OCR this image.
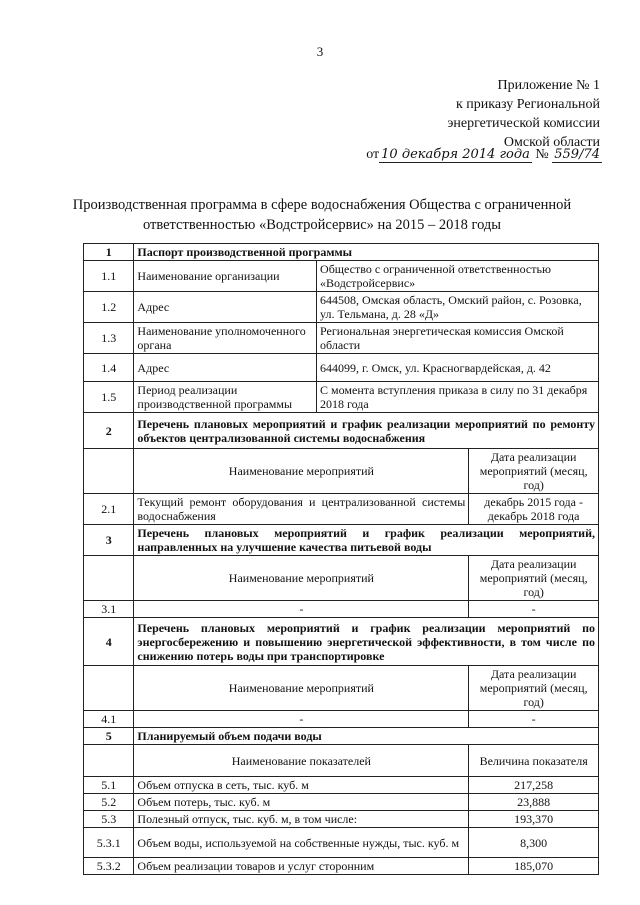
3
Приложение № 1
к приказу Региональной
энергетической комиссии
Омской области
от 10 декабря 2014 года № 559/74
Производственная программа в сфере водоснабжения Общества с ограниченной ответственностью «Водстройсервис» на 2015 – 2018 годы
1	Паспорт производственной программы		
1.1	Наименование организации	Общество с ограниченной ответственностью «Водстройсервис»	
1.2	Адрес	644508, Омская область, Омский район, с. Розовка, ул. Тельмана, д. 28 «Д»	
1.3	Наименование уполномоченного органа	Региональная энергетическая комиссия Омской области	
1.4	Адрес	644099, г. Омск, ул. Красногвардейская, д. 42	
1.5	Период реализации производственной программы	С момента вступления приказа в силу по 31 декабря 2018 года	
2	Перечень плановых мероприятий и график реализации мероприятий по ремонту объектов централизованной системы водоснабжения		
	Наименование мероприятий		Дата реализации мероприятий (месяц, год)
2.1	Текущий ремонт оборудования и централизованной системы водоснабжения		декабрь 2015 года - декабрь 2018 года
3	Перечень плановых мероприятий и график реализации мероприятий, направленных на улучшение качества питьевой воды		
	Наименование мероприятий		Дата реализации мероприятий (месяц, год)
3.1	-		-
4	Перечень плановых мероприятий и график реализации мероприятий по энергосбережению и повышению энергетической эффективности, в том числе по снижению потерь воды при транспортировке		
	Наименование мероприятий		Дата реализации мероприятий (месяц, год)
4.1	-		-
5	Планируемый объем подачи воды		
	Наименование показателей		Величина показателя
5.1	Объем отпуска в сеть, тыс. куб. м		217,258
5.2	Объем потерь, тыс. куб. м		23,888
5.3	Полезный отпуск, тыс. куб. м, в том числе:		193,370
5.3.1	Объем воды, используемой на собственные нужды, тыс. куб. м		8,300
5.3.2	Объем реализации товаров и услуг сторонним		185,070
